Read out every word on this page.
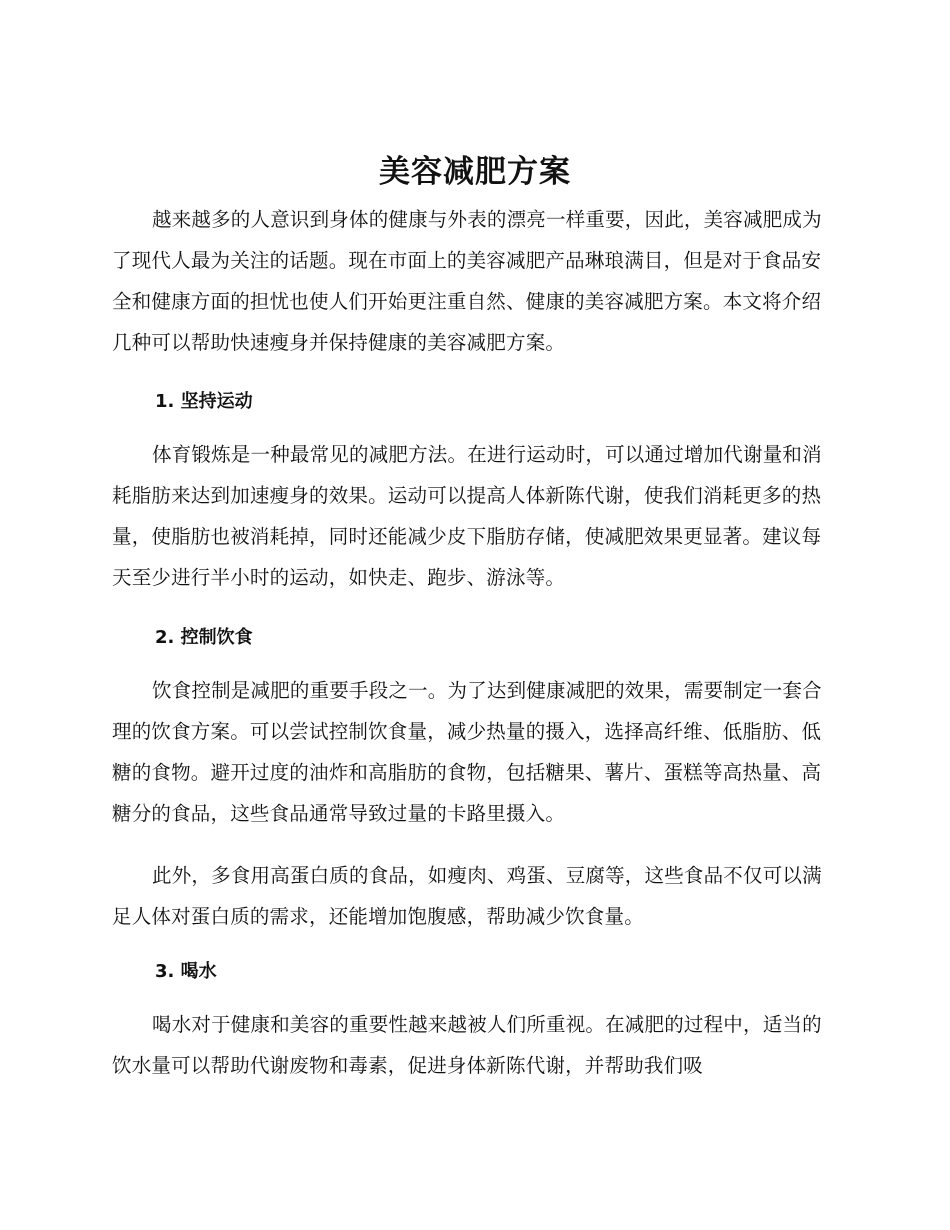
美容减肥方案

越来越多的人意识到身体的健康与外表的漂亮一样重要，因此，美容减肥成为了现代人最为关注的话题。现在市面上的美容减肥产品琳琅满目，但是对于食品安全和健康方面的担忧也使人们开始更注重自然、健康的美容减肥方案。本文将介绍几种可以帮助快速瘦身并保持健康的美容减肥方案。

1. 坚持运动

体育锻炼是一种最常见的减肥方法。在进行运动时，可以通过增加代谢量和消耗脂肪来达到加速瘦身的效果。运动可以提高人体新陈代谢，使我们消耗更多的热量，使脂肪也被消耗掉，同时还能减少皮下脂肪存储，使减肥效果更显著。建议每天至少进行半小时的运动，如快走、跑步、游泳等。

2. 控制饮食

饮食控制是减肥的重要手段之一。为了达到健康减肥的效果，需要制定一套合理的饮食方案。可以尝试控制饮食量，减少热量的摄入，选择高纤维、低脂肪、低糖的食物。避开过度的油炸和高脂肪的食物，包括糖果、薯片、蛋糕等高热量、高糖分的食品，这些食品通常导致过量的卡路里摄入。

此外，多食用高蛋白质的食品，如瘦肉、鸡蛋、豆腐等，这些食品不仅可以满足人体对蛋白质的需求，还能增加饱腹感，帮助减少饮食量。

3. 喝水

喝水对于健康和美容的重要性越来越被人们所重视。在减肥的过程中，适当的饮水量可以帮助代谢废物和毒素，促进身体新陈代谢，并帮助我们吸
